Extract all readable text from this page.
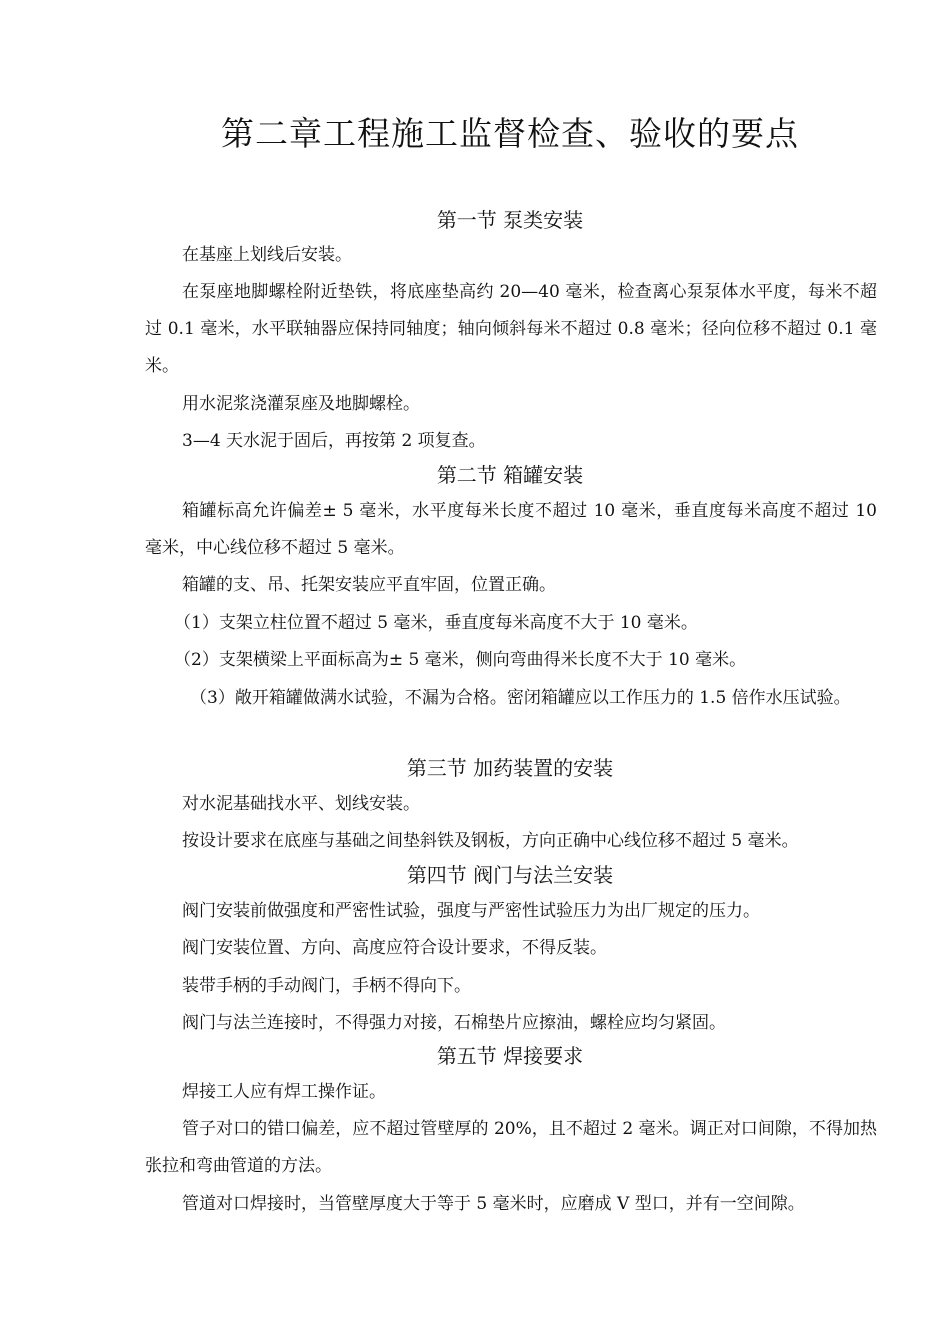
第二章工程施工监督检查、验收的要点
第一节 泵类安装
在基座上划线后安装。
在泵座地脚螺栓附近垫铁，将底座垫高约 20—40 毫米，检查离心泵泵体水平度，每米不超过 0.1 毫米，水平联轴器应保持同轴度；轴向倾斜每米不超过 0.8 毫米；径向位移不超过 0.1 毫米。
用水泥浆浇灌泵座及地脚螺栓。
3—4 天水泥于固后，再按第 2 项复查。
第二节 箱罐安装
箱罐标高允许偏差± 5 毫米，水平度每米长度不超过 10 毫米，垂直度每米高度不超过 10 毫米，中心线位移不超过 5 毫米。
箱罐的支、吊、托架安装应平直牢固，位置正确。
（1）支架立柱位置不超过 5 毫米，垂直度每米高度不大于 10 毫米。
（2）支架横梁上平面标高为± 5 毫米，侧向弯曲得米长度不大于 10 毫米。
（3）敞开箱罐做满水试验，不漏为合格。密闭箱罐应以工作压力的 1.5 倍作水压试验。
第三节 加药装置的安装
对水泥基础找水平、划线安装。
按设计要求在底座与基础之间垫斜铁及钢板，方向正确中心线位移不超过 5 毫米。
第四节 阀门与法兰安装
阀门安装前做强度和严密性试验，强度与严密性试验压力为出厂规定的压力。
阀门安装位置、方向、高度应符合设计要求，不得反装。
装带手柄的手动阀门，手柄不得向下。
阀门与法兰连接时，不得强力对接，石棉垫片应擦油，螺栓应均匀紧固。
第五节 焊接要求
焊接工人应有焊工操作证。
管子对口的错口偏差，应不超过管壁厚的 20%，且不超过 2 毫米。调正对口间隙，不得加热张拉和弯曲管道的方法。
管道对口焊接时，当管壁厚度大于等于 5 毫米时，应磨成 V 型口，并有一空间隙。
